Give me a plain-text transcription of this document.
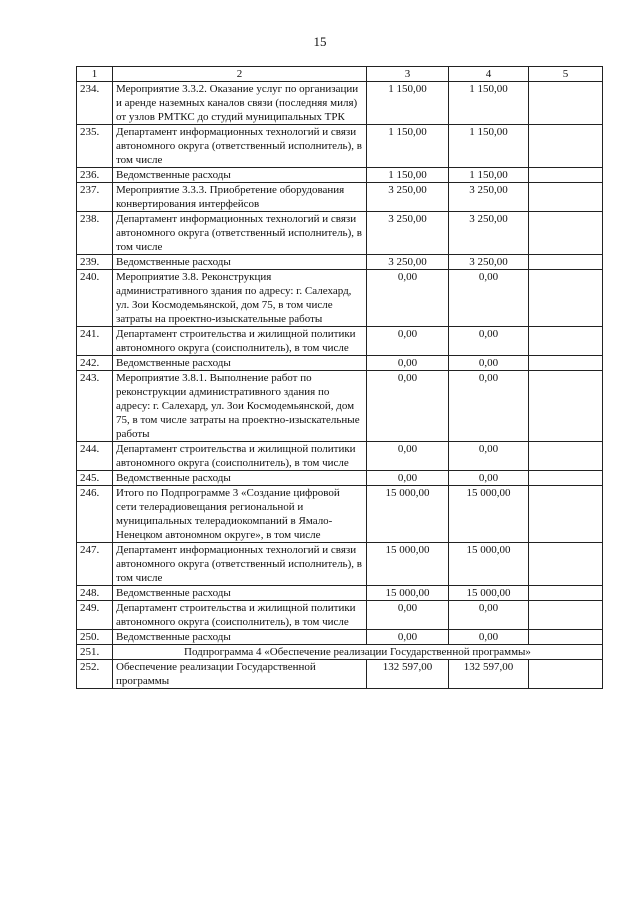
15
1	2	3	4	5
234.	Мероприятие 3.3.2. Оказание услуг по организации и аренде наземных каналов связи (последняя миля) от узлов РМТКС до студий муниципальных ТРК	1 150,00	1 150,00	
235.	Департамент информационных технологий и связи автономного округа (ответственный исполнитель), в том числе	1 150,00	1 150,00	
236.	Ведомственные расходы	1 150,00	1 150,00	
237.	Мероприятие 3.3.3. Приобретение оборудования конвертирования интерфейсов	3 250,00	3 250,00	
238.	Департамент информационных технологий и связи автономного округа (ответственный исполнитель), в том числе	3 250,00	3 250,00	
239.	Ведомственные расходы	3 250,00	3 250,00	
240.	Мероприятие 3.8. Реконструкция административного здания по адресу: г. Салехард, ул. Зои Космодемьянской, дом 75, в том числе затраты на проектно-изыскательные работы	0,00	0,00	
241.	Департамент строительства и жилищной политики автономного округа (соисполнитель), в том числе	0,00	0,00	
242.	Ведомственные расходы	0,00	0,00	
243.	Мероприятие 3.8.1. Выполнение работ по реконструкции административного здания по адресу: г. Салехард, ул. Зои Космодемьянской, дом 75, в том числе затраты на проектно-изыскательные работы	0,00	0,00	
244.	Департамент строительства и жилищной политики автономного округа (соисполнитель), в том числе	0,00	0,00	
245.	Ведомственные расходы	0,00	0,00	
246.	Итого по Подпрограмме 3 «Создание цифровой сети телерадиовещания региональной и муниципальных телерадиокомпаний в Ямало-Ненецком автономном округе», в том числе	15 000,00	15 000,00	
247.	Департамент информационных технологий и связи автономного округа (ответственный исполнитель), в том числе	15 000,00	15 000,00	
248.	Ведомственные расходы	15 000,00	15 000,00	
249.	Департамент строительства и жилищной политики автономного округа (соисполнитель), в том числе	0,00	0,00	
250.	Ведомственные расходы	0,00	0,00	
251.	Подпрограмма 4 «Обеспечение реализации Государственной программы»			
252.	Обеспечение реализации Государственной программы	132 597,00	132 597,00	
